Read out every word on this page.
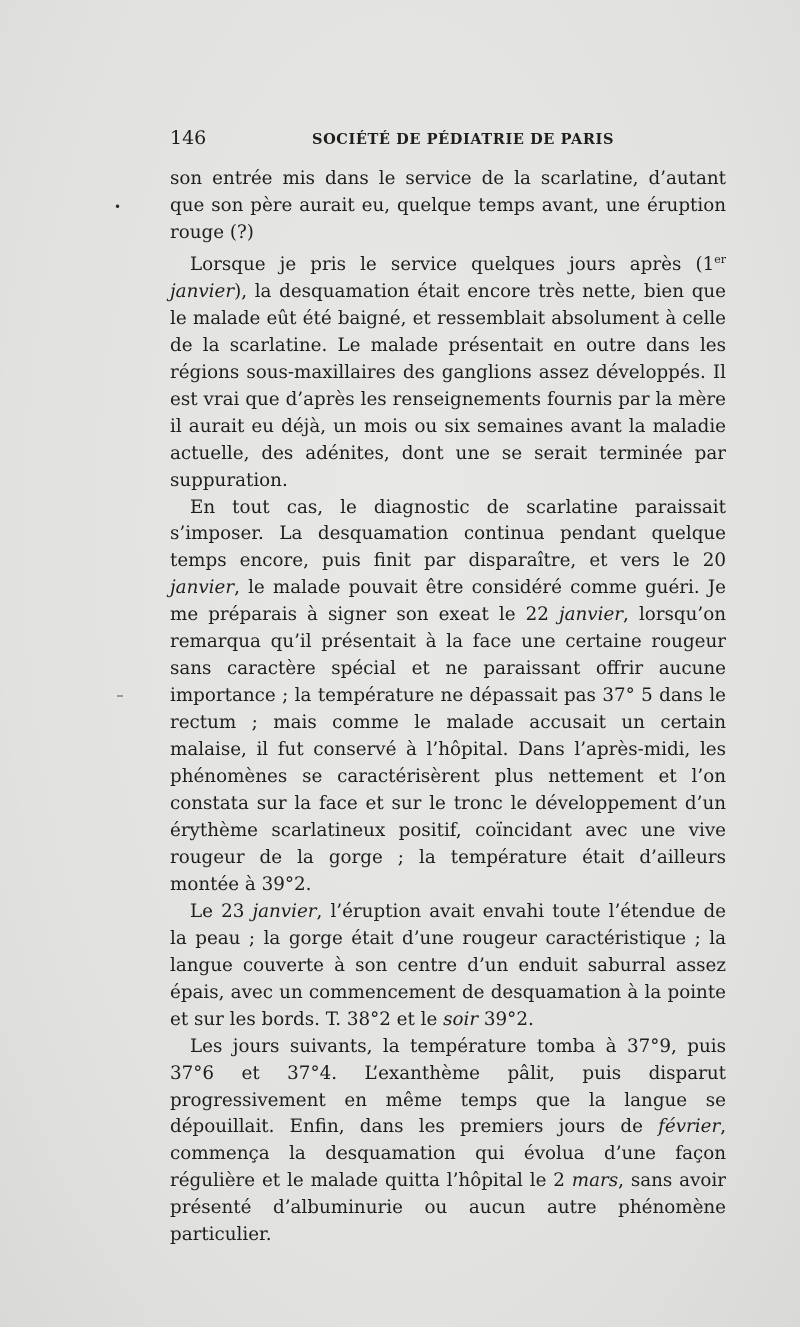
•
146	SOCIÉTÉ DE PÉDIATRIE DE PARIS

son entrée mis dans le service de la scarlatine, d’autant que son père aurait eu, quelque temps avant, une éruption rouge (?)

Lorsque je pris le service quelques jours après (1er janvier), la desquamation était encore très nette, bien que le malade eût été baigné, et ressemblait absolument à celle de la scarlatine. Le malade présentait en outre dans les régions sous-maxillaires des ganglions assez développés. Il est vrai que d’après les renseignements fournis par la mère il aurait eu déjà, un mois ou six semaines avant la maladie actuelle, des adénites, dont une se serait terminée par suppuration.

En tout cas, le diagnostic de scarlatine paraissait s’imposer. La desquamation continua pendant quelque temps encore, puis finit par disparaître, et vers le 20 janvier, le malade pouvait être considéré comme guéri. Je me préparais à signer son exeat le 22 janvier, lorsqu’on remarqua qu’il présentait à la face une certaine rougeur sans caractère spécial et ne paraissant offrir aucune importance ; la température ne dépassait pas 37° 5 dans le rectum ; mais comme le malade accusait un certain malaise, il fut conservé à l’hôpital. Dans l’après-midi, les phénomènes se caractérisèrent plus nettement et l’on constata sur la face et sur le tronc le développement d’un érythème scarlatineux positif, coïncidant avec une vive rougeur de la gorge ; la température était d’ailleurs montée à 39°2.

Le 23 janvier, l’éruption avait envahi toute l’étendue de la peau ; la gorge était d’une rougeur caractéristique ; la langue couverte à son centre d’un enduit saburral assez épais, avec un commencement de desquamation à la pointe et sur les bords. T. 38°2 et le soir 39°2.

Les jours suivants, la température tomba à 37°9, puis 37°6 et 37°4. L’exanthème pâlit, puis disparut progressivement en même temps que la langue se dépouillait. Enfin, dans les premiers jours de février, commença la desquamation qui évolua d’une façon régulière et le malade quitta l’hôpital le 2 mars, sans avoir présenté d’albuminurie ou aucun autre phénomène particulier.
